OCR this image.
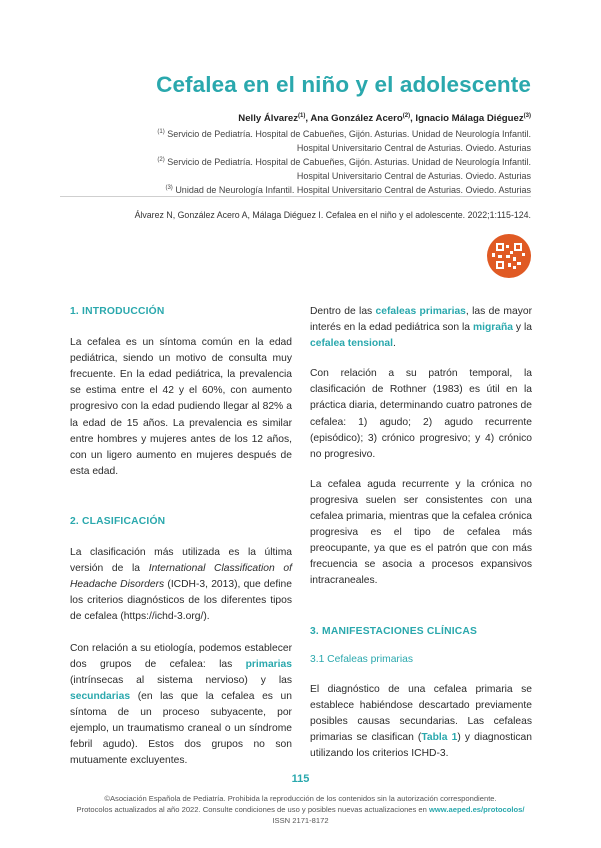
Cefalea en el niño y el adolescente
Nelly Álvarez$^{(1)}$, Ana González Acero$^{(2)}$, Ignacio Málaga Diéguez$^{(3)}$
$^{(1)}$ Servicio de Pediatría. Hospital de Cabueñes, Gijón. Asturias. Unidad de Neurología Infantil.
Hospital Universitario Central de Asturias. Oviedo. Asturias
$^{(2)}$ Servicio de Pediatría. Hospital de Cabueñes, Gijón. Asturias. Unidad de Neurología Infantil.
Hospital Universitario Central de Asturias. Oviedo. Asturias
$^{(3)}$ Unidad de Neurología Infantil. Hospital Universitario Central de Asturias. Oviedo. Asturias
Álvarez N, González Acero A, Málaga Diéguez I. Cefalea en el niño y el adolescente. 2022;1:115-124.
1. INTRODUCCIÓN

La cefalea es un síntoma común en la edad pediátrica, siendo un motivo de consulta muy frecuente. En la edad pediátrica, la prevalencia se estima entre el 42 y el 60%, con aumento progresivo con la edad pudiendo llegar al 82% a la edad de 15 años. La prevalencia es similar entre hombres y mujeres antes de los 12 años, con un ligero aumento en mujeres después de esta edad.

2. CLASIFICACIÓN

La clasificación más utilizada es la última versión de la International Classification of Headache Disorders (ICDH-3, 2013), que define los criterios diagnósticos de los diferentes tipos de cefalea (https://ichd-3.org/).

Con relación a su etiología, podemos establecer dos grupos de cefalea: las primarias (intrínsecas al sistema nervioso) y las secundarias (en las que la cefalea es un síntoma de un proceso subyacente, por ejemplo, un traumatismo craneal o un síndrome febril agudo). Estos dos grupos no son mutuamente excluyentes.

Dentro de las cefaleas primarias, las de mayor interés en la edad pediátrica son la migraña y la cefalea tensional.

Con relación a su patrón temporal, la clasificación de Rothner (1983) es útil en la práctica diaria, determinando cuatro patrones de cefalea: 1) agudo; 2) agudo recurrente (episódico); 3) crónico progresivo; y 4) crónico no progresivo.

La cefalea aguda recurrente y la crónica no progresiva suelen ser consistentes con una cefalea primaria, mientras que la cefalea crónica progresiva es el tipo de cefalea más preocupante, ya que es el patrón que con más frecuencia se asocia a procesos expansivos intracraneales.

3. MANIFESTACIONES CLÍNICAS
3.1 Cefaleas primarias

El diagnóstico de una cefalea primaria se establece habiéndose descartado previamente posibles causas secundarias. Las cefaleas primarias se clasifican (Tabla 1) y diagnostican utilizando los criterios ICHD-3.

115
©Asociación Española de Pediatría. Prohibida la reproducción de los contenidos sin la autorización correspondiente.
Protocolos actualizados al año 2022. Consulte condiciones de uso y posibles nuevas actualizaciones en www.aeped.es/protocolos/
ISSN 2171-8172
